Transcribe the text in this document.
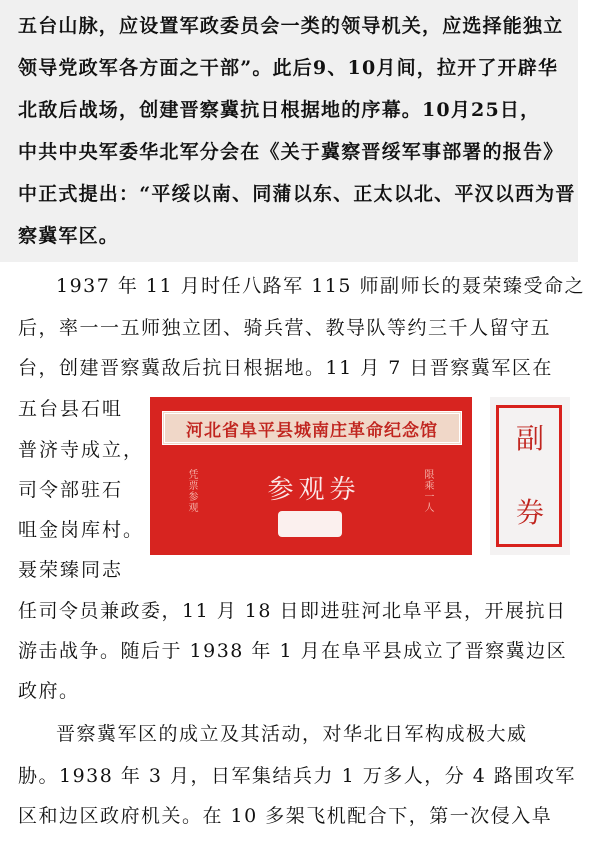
五台山脉，应设置军政委员会一类的领导机关，应选择能独立
领导党政军各方面之干部”。此后9、10月间，拉开了开辟华
北敌后战场，创建晋察冀抗日根据地的序幕。10月25日，
中共中央军委华北军分会在《关于冀察晋绥军事部署的报告》
中正式提出：“平绥以南、同蒲以东、正太以北、平汉以西为晋
察冀军区。
1937 年 11 月时任八路军 115 师副师长的聂荣臻受命之
后，率一一五师独立团、骑兵营、教导队等约三千人留守五
台，创建晋察冀敌后抗日根据地。11 月 7 日晋察冀军区在
五台县石咀
普济寺成立，
司令部驻石
咀金岗库村。
聂荣臻同志
任司令员兼政委，11 月 18 日即进驻河北阜平县，开展抗日
游击战争。随后于 1938 年 1 月在阜平县成立了晋察冀边区
政府。
晋察冀军区的成立及其活动，对华北日军构成极大威
胁。1938 年 3 月，日军集结兵力 1 万多人，分 4 路围攻军
区和边区政府机关。在 10 多架飞机配合下，第一次侵入阜
河北省阜平县城南庄革命纪念馆
凭票参观	参观券	限乘一人
副
券
